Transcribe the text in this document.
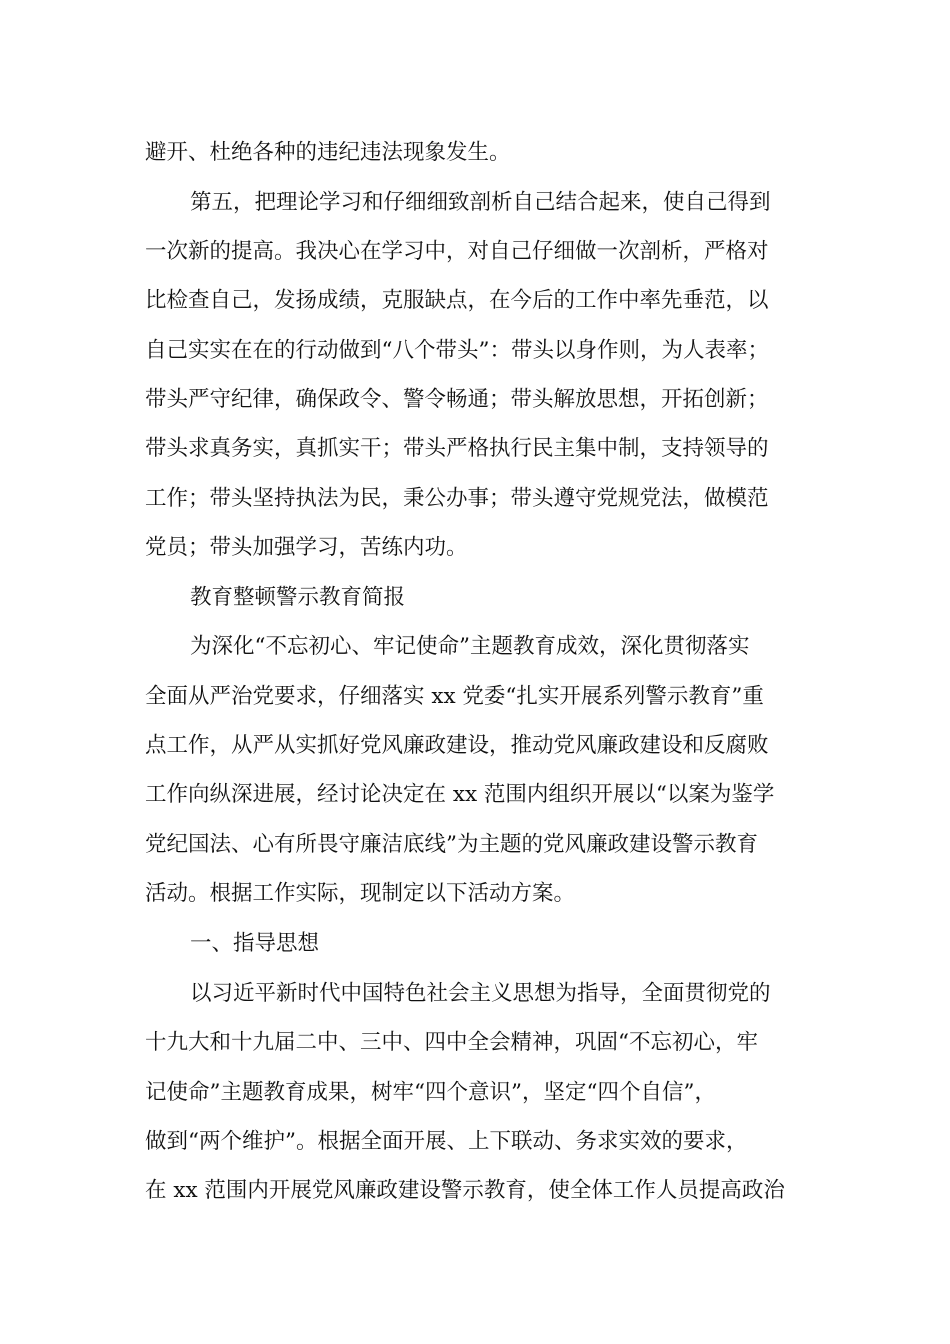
避开、杜绝各种的违纪违法现象发生。
第五，把理论学习和仔细细致剖析自己结合起来，使自己得到
一次新的提高。我决心在学习中，对自己仔细做一次剖析，严格对
比检查自己，发扬成绩，克服缺点，在今后的工作中率先垂范，以
自己实实在在的行动做到“八个带头”：带头以身作则，为人表率；
带头严守纪律，确保政令、警令畅通；带头解放思想，开拓创新；
带头求真务实，真抓实干；带头严格执行民主集中制，支持领导的
工作；带头坚持执法为民，秉公办事；带头遵守党规党法，做模范
党员；带头加强学习，苦练内功。
教育整顿警示教育简报
为深化“不忘初心、牢记使命”主题教育成效，深化贯彻落实
全面从严治党要求，仔细落实 xx 党委“扎实开展系列警示教育”重
点工作，从严从实抓好党风廉政建设，推动党风廉政建设和反腐败
工作向纵深进展，经讨论决定在 xx 范围内组织开展以“以案为鉴学
党纪国法、心有所畏守廉洁底线”为主题的党风廉政建设警示教育
活动。根据工作实际，现制定以下活动方案。
一、指导思想
以习近平新时代中国特色社会主义思想为指导，全面贯彻党的
十九大和十九届二中、三中、四中全会精神，巩固“不忘初心，牢
记使命”主题教育成果，树牢“四个意识”，坚定“四个自信”，
做到“两个维护”。根据全面开展、上下联动、务求实效的要求，
在 xx 范围内开展党风廉政建设警示教育，使全体工作人员提高政治
